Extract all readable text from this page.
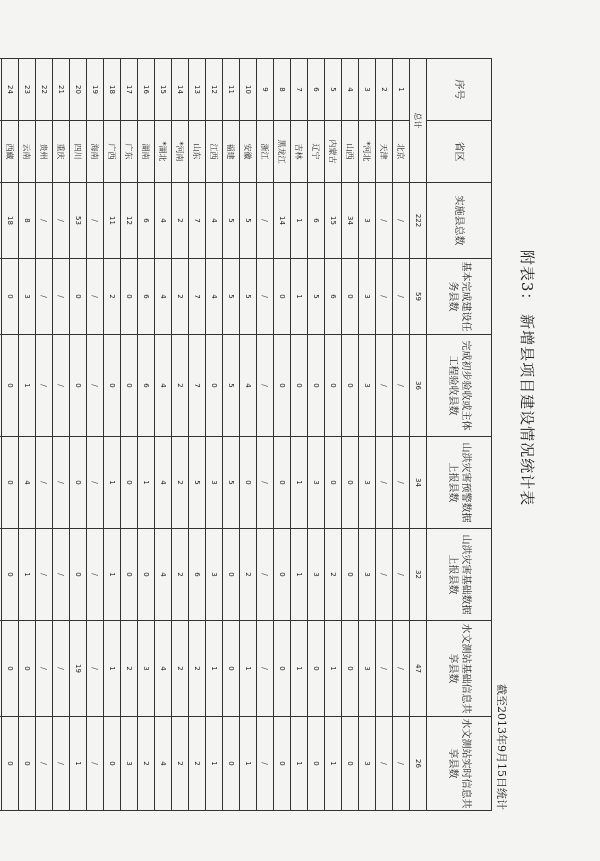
附表3： 新增县项目建设情况统计表
截至2013年9月15日统计
序号	省区	实施县总数	基本完成建设任务县数	完成初步验收或主体工程验收县数	山洪灾害预警数据上报县数	山洪灾害基础数据上报县数	水文测站基础信息共享县数	水文测站实时信息共享县数
总计		222	59	36	34	32	47	26
1	北京	/	/	/	/	/	/	/
2	天津	/	/	/	/	/	/	/
3	*河北	3	3	3	3	3	3	3
4	山西	34	0	0	0	0	0	0
5	内蒙古	15	6	0	0	2	1	1
6	辽宁	6	5	0	3	3	0	0
7	吉林	1	1	0	1	1	1	1
8	黑龙江	14	0	0	0	0	0	0
9	浙江	/	/	/	/	/	/	/
10	安徽	5	5	4	0	2	1	1
11	福建	5	5	5	5	0	0	0
12	江西	4	4	0	3	3	1	1
13	山东	7	7	7	5	6	2	2
14	*河南	2	2	2	2	2	2	2
15	*湖北	4	4	4	4	4	4	4
16	湖南	6	6	6	1	0	3	2
17	广东	12	0	0	0	0	2	3
18	广西	11	2	0	1	1	1	0
19	海南	/	/	/	/	/	/	/
20	四川	53	0	0	0	0	19	1
21	重庆	/	/	/	/	/	/	/
22	贵州	/	/	/	/	/	/	/
23	云南	8	3	1	4	1	0	0
24	西藏	18	0	0	0	0	0	0
